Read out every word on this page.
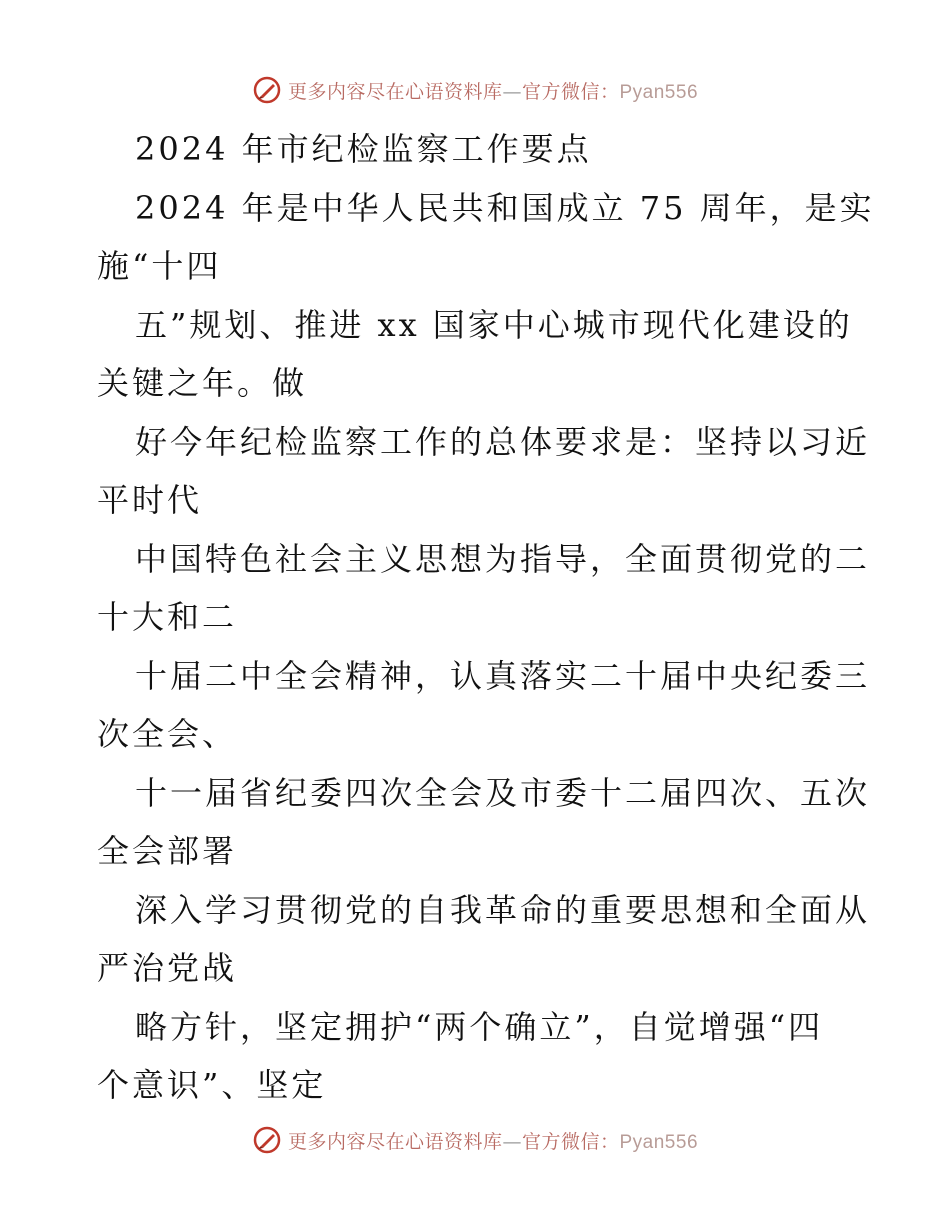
更多内容尽在心语资料库—官方微信：Pyan556
2024 年市纪检监察工作要点
2024 年是中华人民共和国成立 75 周年，是实
施“十四
五”规划、推进 xx 国家中心城市现代化建设的
关键之年。做
好今年纪检监察工作的总体要求是：坚持以习近
平时代
中国特色社会主义思想为指导，全面贯彻党的二
十大和二
十届二中全会精神，认真落实二十届中央纪委三
次全会、
十一届省纪委四次全会及市委十二届四次、五次
全会部署
深入学习贯彻党的自我革命的重要思想和全面从
严治党战
略方针，坚定拥护“两个确立”，自觉增强“四
个意识”、坚定
更多内容尽在心语资料库—官方微信：Pyan556
